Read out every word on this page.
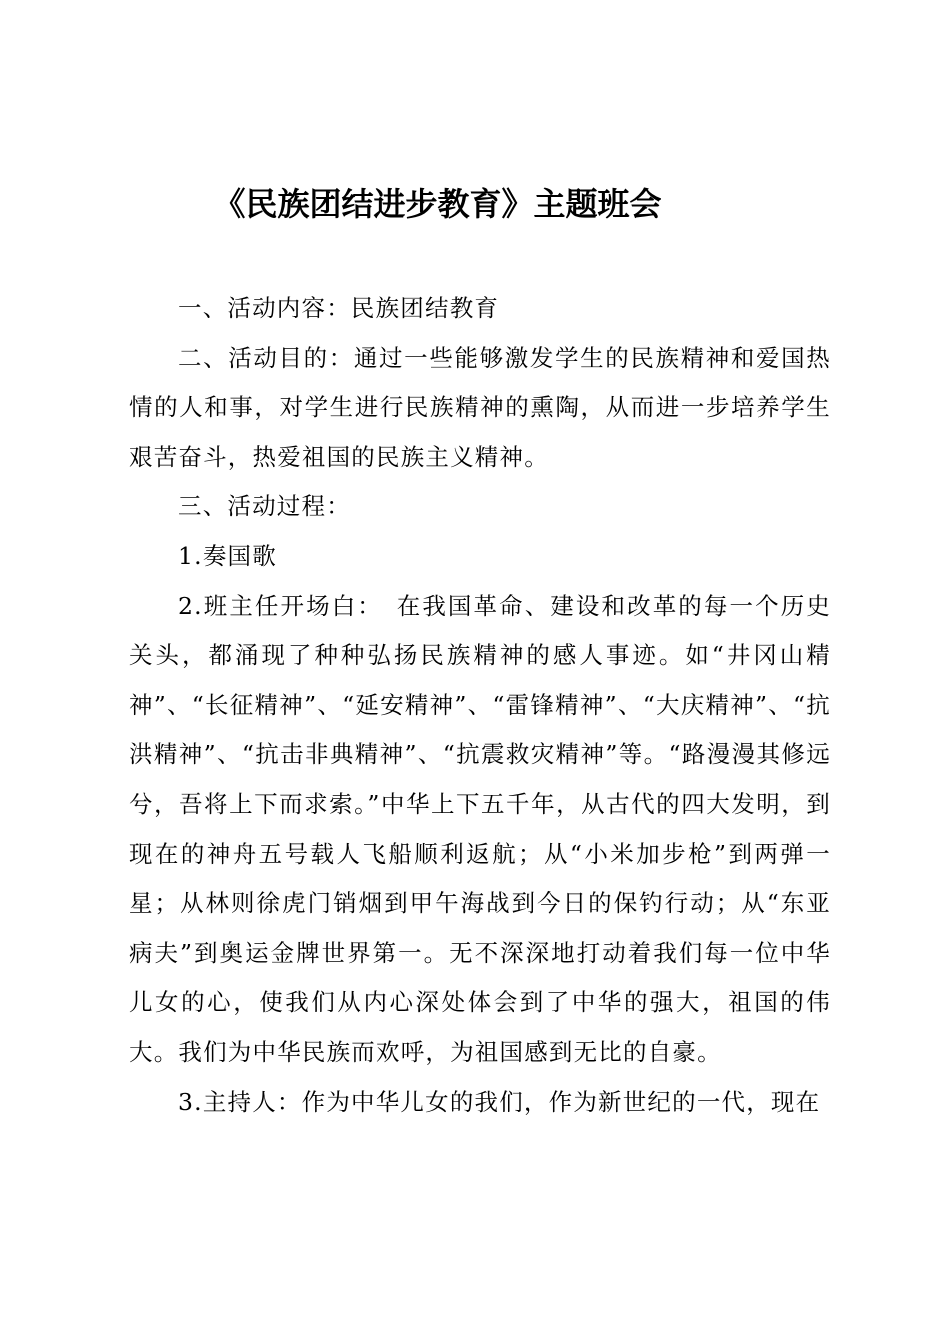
《民族团结进步教育》主题班会

一、活动内容：民族团结教育

二、活动目的：通过一些能够激发学生的民族精神和爱国热情的人和事，对学生进行民族精神的熏陶，从而进一步培养学生艰苦奋斗，热爱祖国的民族主义精神。

三、活动过程：

1.奏国歌

2.班主任开场白：　在我国革命、建设和改革的每一个历史关头，都涌现了种种弘扬民族精神的感人事迹。如“井冈山精神”、“长征精神”、“延安精神”、“雷锋精神”、“大庆精神”、“抗洪精神”、“抗击非典精神”、“抗震救灾精神”等。“路漫漫其修远兮，吾将上下而求索。”中华上下五千年，从古代的四大发明，到现在的神舟五号载人飞船顺利返航；从“小米加步枪”到两弹一星；从林则徐虎门销烟到甲午海战到今日的保钓行动；从“东亚病夫”到奥运金牌世界第一。无不深深地打动着我们每一位中华儿女的心，使我们从内心深处体会到了中华的强大，祖国的伟大。我们为中华民族而欢呼，为祖国感到无比的自豪。

3.主持人：作为中华儿女的我们，作为新世纪的一代，现在
